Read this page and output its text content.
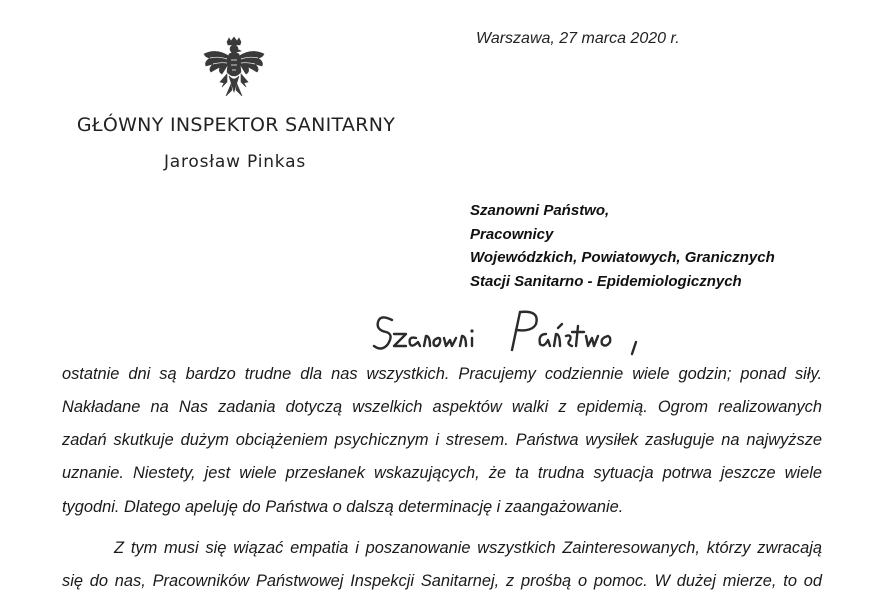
GŁÓWNY INSPEKTOR SANITARNY
Jarosław Pinkas
Warszawa, 27 marca 2020 r.
Szanowni Państwo,
Pracownicy
Wojewódzkich, Powiatowych, Granicznych
Stacji Sanitarno - Epidemiologicznych
ostatnie dni są bardzo trudne dla nas wszystkich. Pracujemy codziennie wiele godzin; ponad siły.
Nakładane na Nas zadania dotyczą wszelkich aspektów walki z epidemią. Ogrom realizowanych
zadań skutkuje dużym obciążeniem psychicznym i stresem. Państwa wysiłek zasługuje na najwyższe
uznanie. Niestety, jest wiele przesłanek wskazujących, że ta trudna sytuacja potrwa jeszcze wiele
tygodni. Dlatego apeluję do Państwa o dalszą determinację i zaangażowanie.
Z tym musi się wiązać empatia i poszanowanie wszystkich Zainteresowanych, którzy zwracają
się do nas, Pracowników Państwowej Inspekcji Sanitarnej, z prośbą o pomoc. W dużej mierze, to od
